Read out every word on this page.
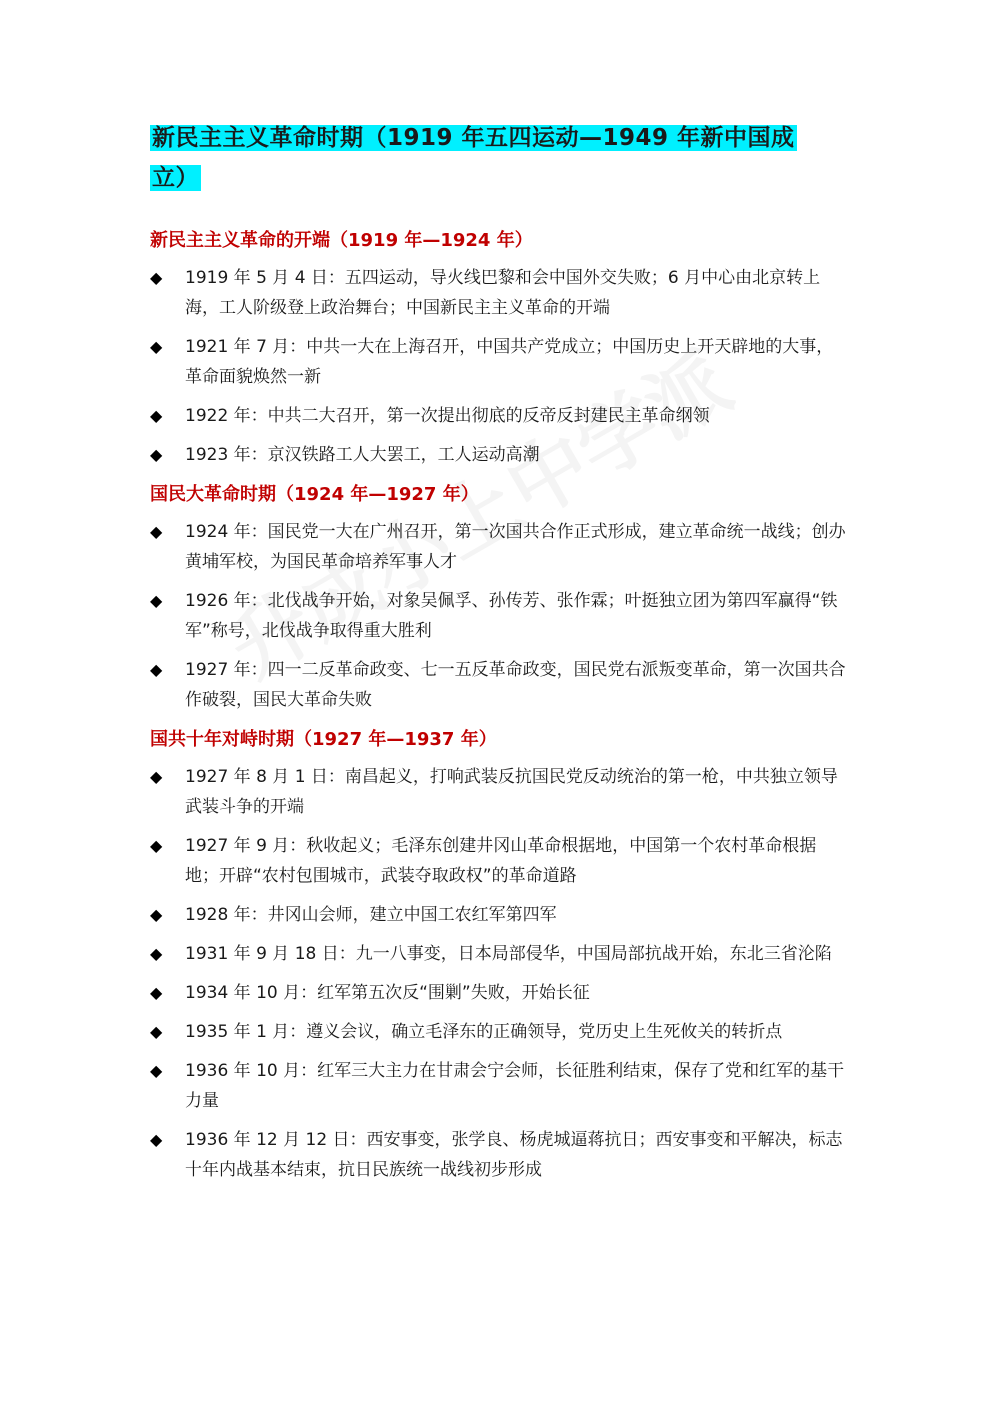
新民主主义革命时期（1919 年五四运动—1949 年新中国成立）
新民主主义革命的开端（1919 年—1924 年）
◆ 1919 年 5 月 4 日：五四运动，导火线巴黎和会中国外交失败；6 月中心由北京转上海，工人阶级登上政治舞台；中国新民主主义革命的开端
◆ 1921 年 7 月：中共一大在上海召开，中国共产党成立；中国历史上开天辟地的大事，革命面貌焕然一新
◆ 1922 年：中共二大召开，第一次提出彻底的反帝反封建民主革命纲领
◆ 1923 年：京汉铁路工人大罢工，工人运动高潮
国民大革命时期（1924 年—1927 年）
◆ 1924 年：国民党一大在广州召开，第一次国共合作正式形成，建立革命统一战线；创办黄埔军校，为国民革命培养军事人才
◆ 1926 年：北伐战争开始，对象吴佩孚、孙传芳、张作霖；叶挺独立团为第四军赢得“铁军”称号，北伐战争取得重大胜利
◆ 1927 年：四一二反革命政变、七一五反革命政变，国民党右派叛变革命，第一次国共合作破裂，国民大革命失败
国共十年对峙时期（1927 年—1937 年）
◆ 1927 年 8 月 1 日：南昌起义，打响武装反抗国民党反动统治的第一枪，中共独立领导武装斗争的开端
◆ 1927 年 9 月：秋收起义；毛泽东创建井冈山革命根据地，中国第一个农村革命根据地；开辟“农村包围城市，武装夺取政权”的革命道路
◆ 1928 年：井冈山会师，建立中国工农红军第四军
◆ 1931 年 9 月 18 日：九一八事变，日本局部侵华，中国局部抗战开始，东北三省沦陷
◆ 1934 年 10 月：红军第五次反“围剿”失败，开始长征
◆ 1935 年 1 月：遵义会议，确立毛泽东的正确领导，党历史上生死攸关的转折点
◆ 1936 年 10 月：红军三大主力在甘肃会宁会师，长征胜利结束，保存了党和红军的基干力量
◆ 1936 年 12 月 12 日：西安事变，张学良、杨虎城逼蒋抗日；西安事变和平解决，标志十年内战基本结束，抗日民族统一战线初步形成
